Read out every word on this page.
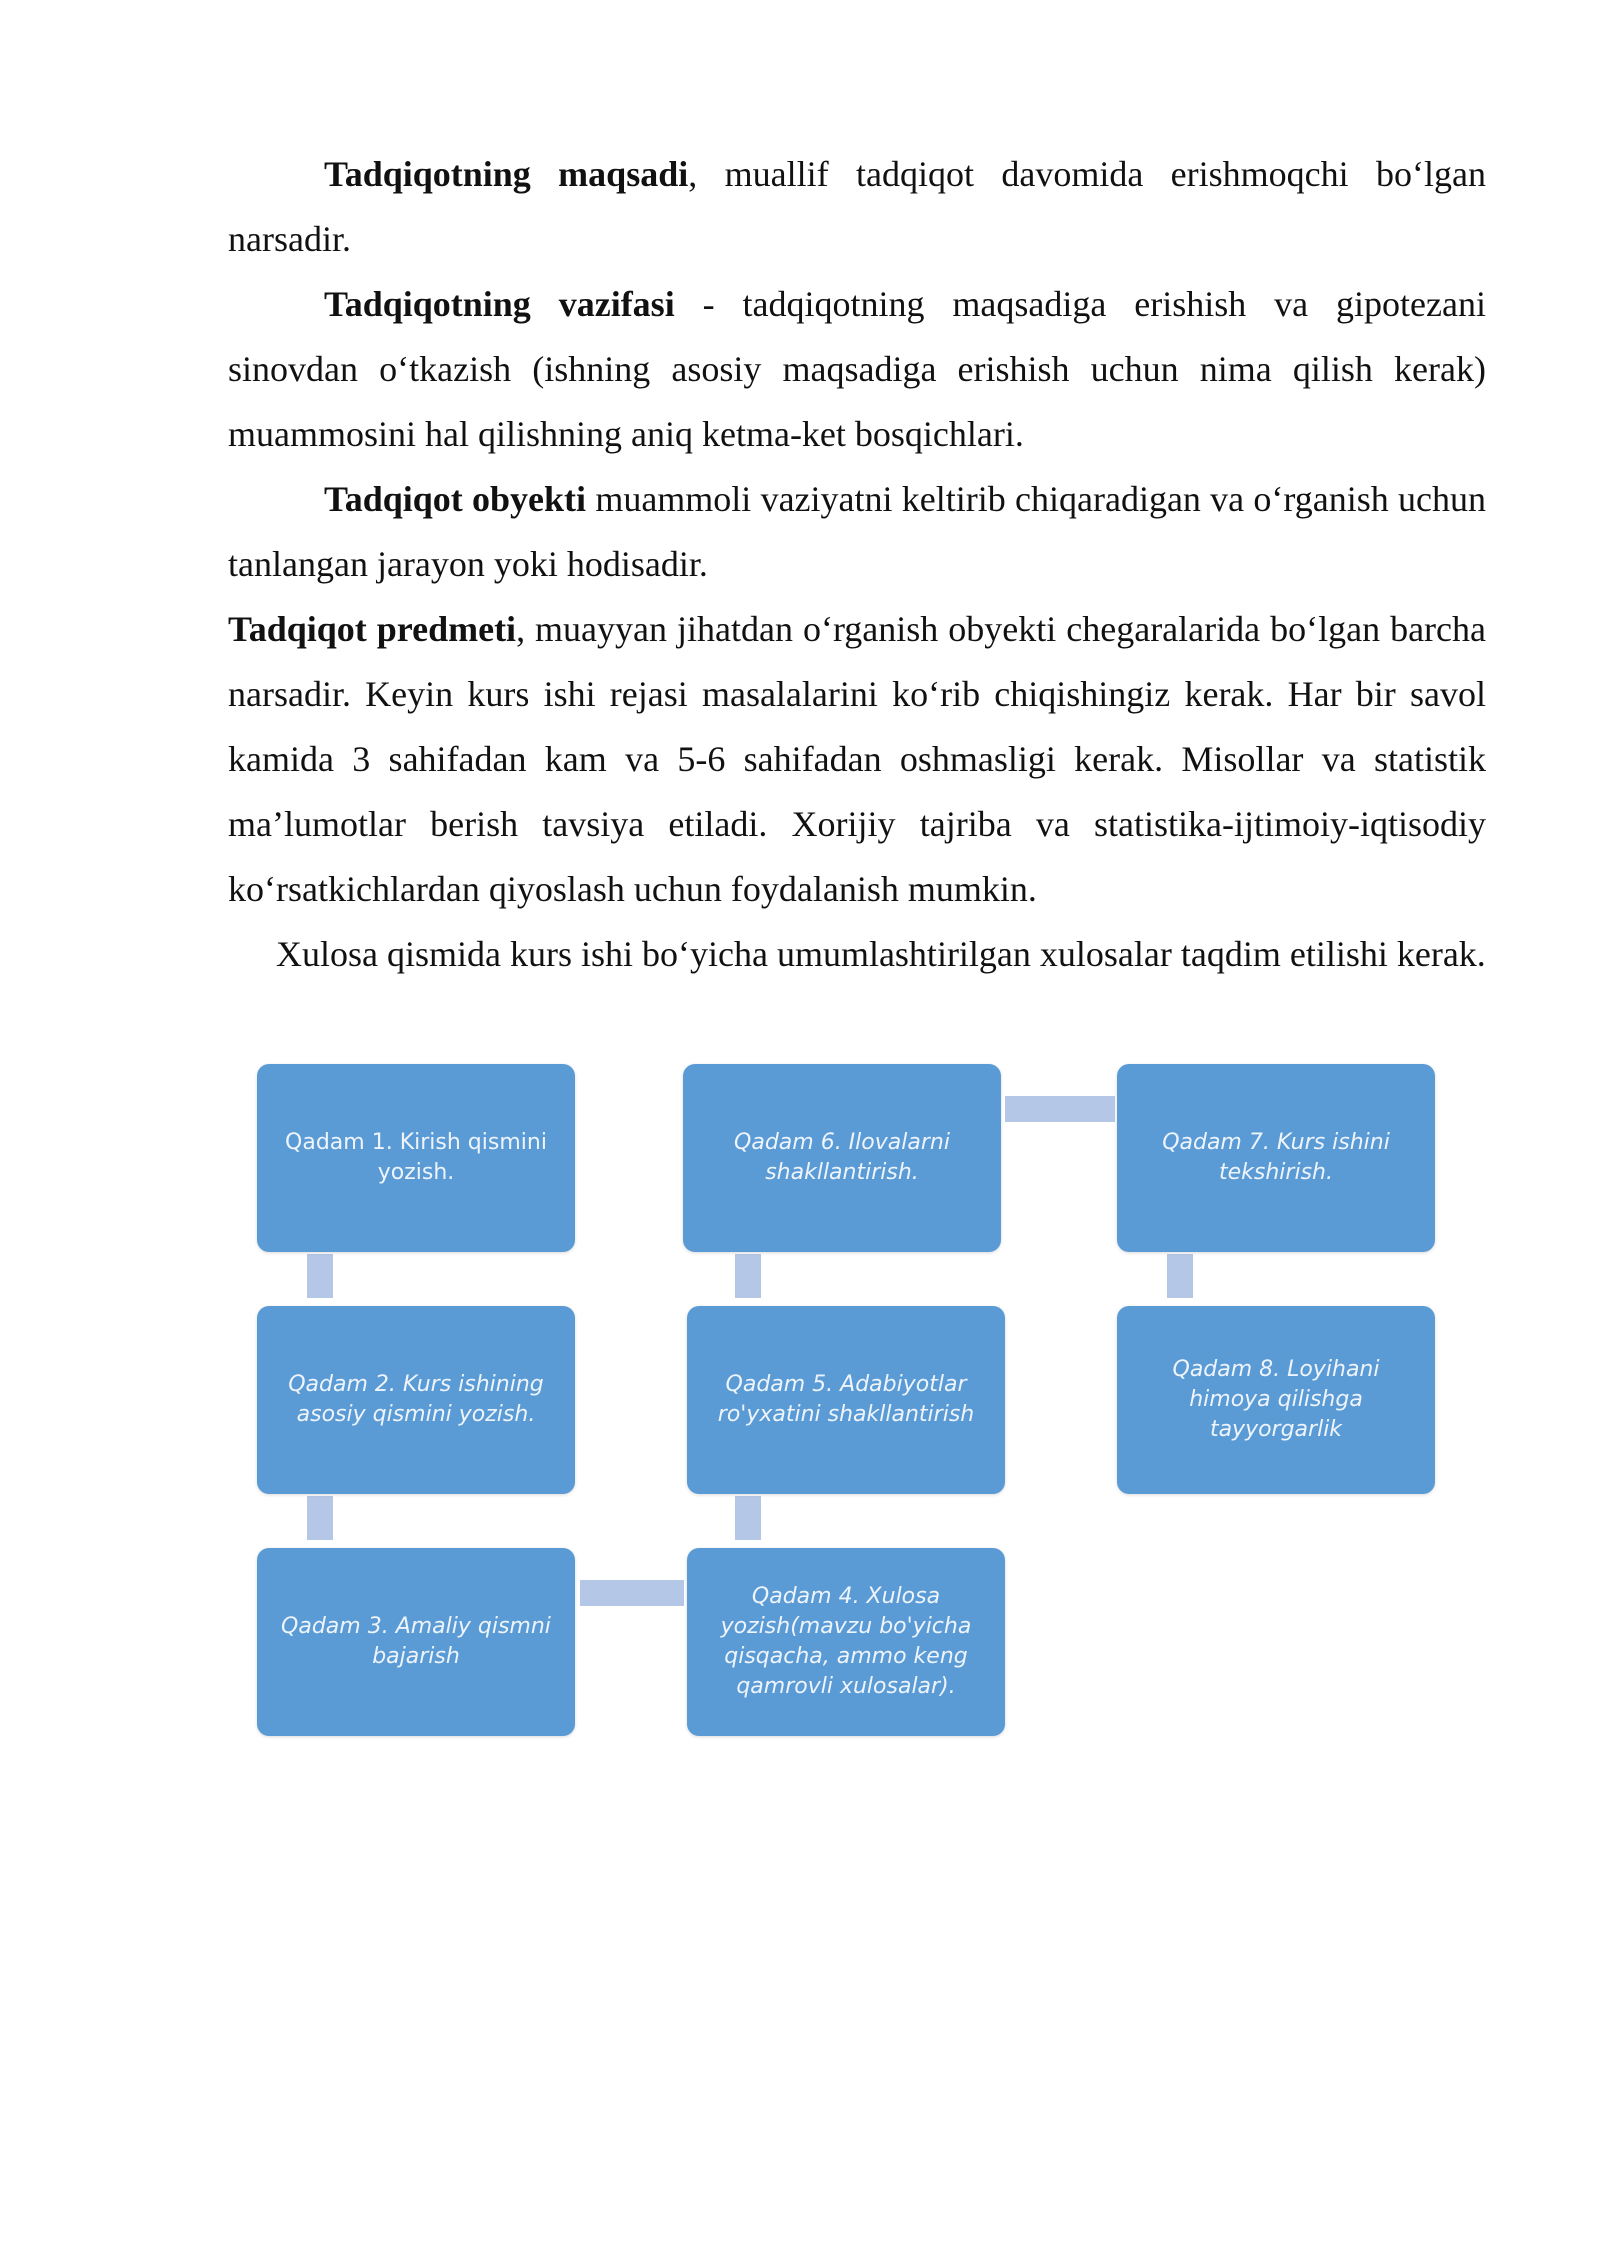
Tadqiqotning maqsadi, muallif tadqiqot davomida erishmoqchi bo‘lgan narsadir.

Tadqiqotning vazifasi - tadqiqotning maqsadiga erishish va gipotezani sinovdan o‘tkazish (ishning asosiy maqsadiga erishish uchun nima qilish kerak) muammosini hal qilishning aniq ketma-ket bosqichlari.

Tadqiqot obyekti muammoli vaziyatni keltirib chiqaradigan va o‘rganish uchun tanlangan jarayon yoki hodisadir.

Tadqiqot predmeti, muayyan jihatdan o‘rganish obyekti chegaralarida bo‘lgan barcha narsadir. Keyin kurs ishi rejasi masalalarini ko‘rib chiqishingiz kerak. Har bir savol kamida 3 sahifadan kam va 5-6 sahifadan oshmasligi kerak. Misollar va statistik ma’lumotlar berish tavsiya etiladi. Xorijiy tajriba va statistika-ijtimoiy-iqtisodiy ko‘rsatkichlardan qiyoslash uchun foydalanish mumkin.

Xulosa qismida kurs ishi bo‘yicha umumlashtirilgan xulosalar taqdim etilishi kerak.

Qadam 1. Kirish qismini yozish.
Qadam 2. Kurs ishining asosiy qismini yozish.
Qadam 3. Amaliy qismni bajarish
Qadam 4. Xulosa yozish(mavzu bo'yicha qisqacha, ammo keng qamrovli xulosalar).
Qadam 5. Adabiyotlar ro'yxatini shakllantirish
Qadam 6. Ilovalarni shakllantirish.
Qadam 7. Kurs ishini tekshirish.
Qadam 8. Loyihani himoya qilishga tayyorgarlik
